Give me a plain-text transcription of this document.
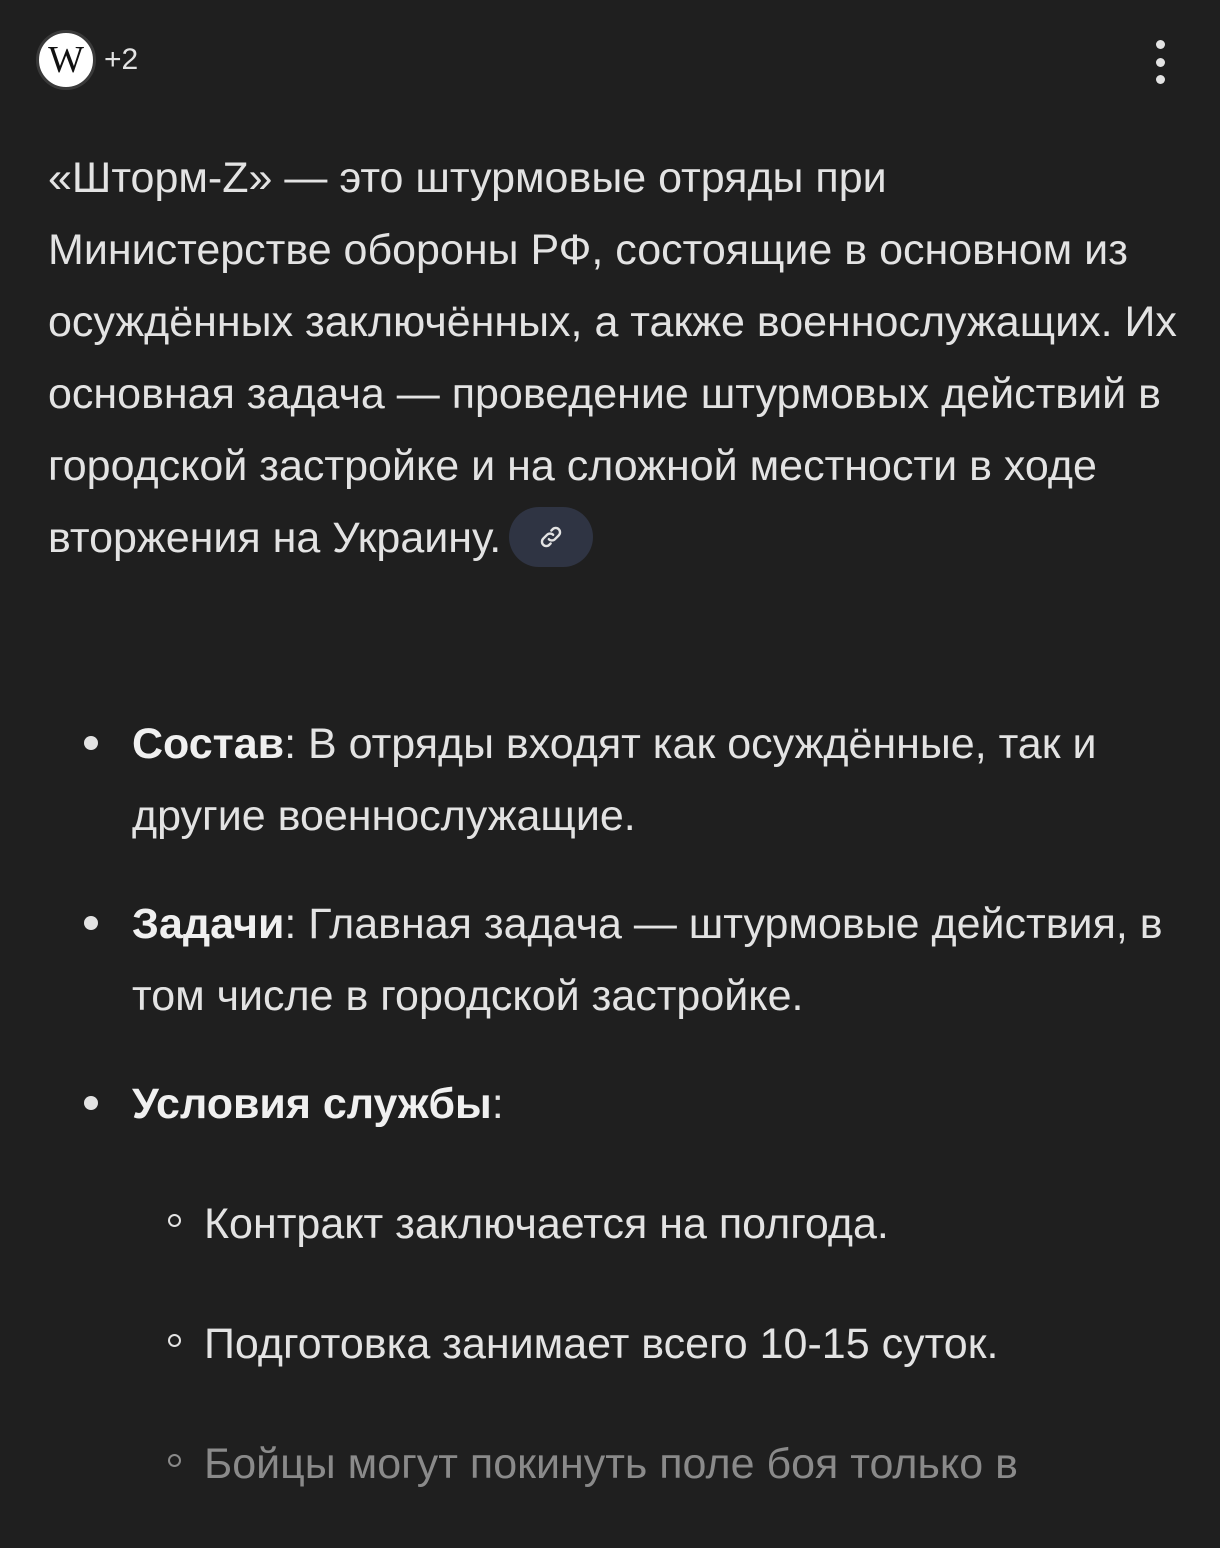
W +2
«Шторм-Z» — это штурмовые отряды при Министерстве обороны РФ, состоящие в основном из осуждённых заключённых, а также военнослужащих. Их основная задача — проведение штурмовых действий в городской застройке и на сложной местности в ходе вторжения на Украину.
Состав: В отряды входят как осуждённые, так и другие военнослужащие.
Задачи: Главная задача — штурмовые действия, в том числе в городской застройке.
Условия службы:
Контракт заключается на полгода.
Подготовка занимает всего 10-15 суток.
Бойцы могут покинуть поле боя только в
